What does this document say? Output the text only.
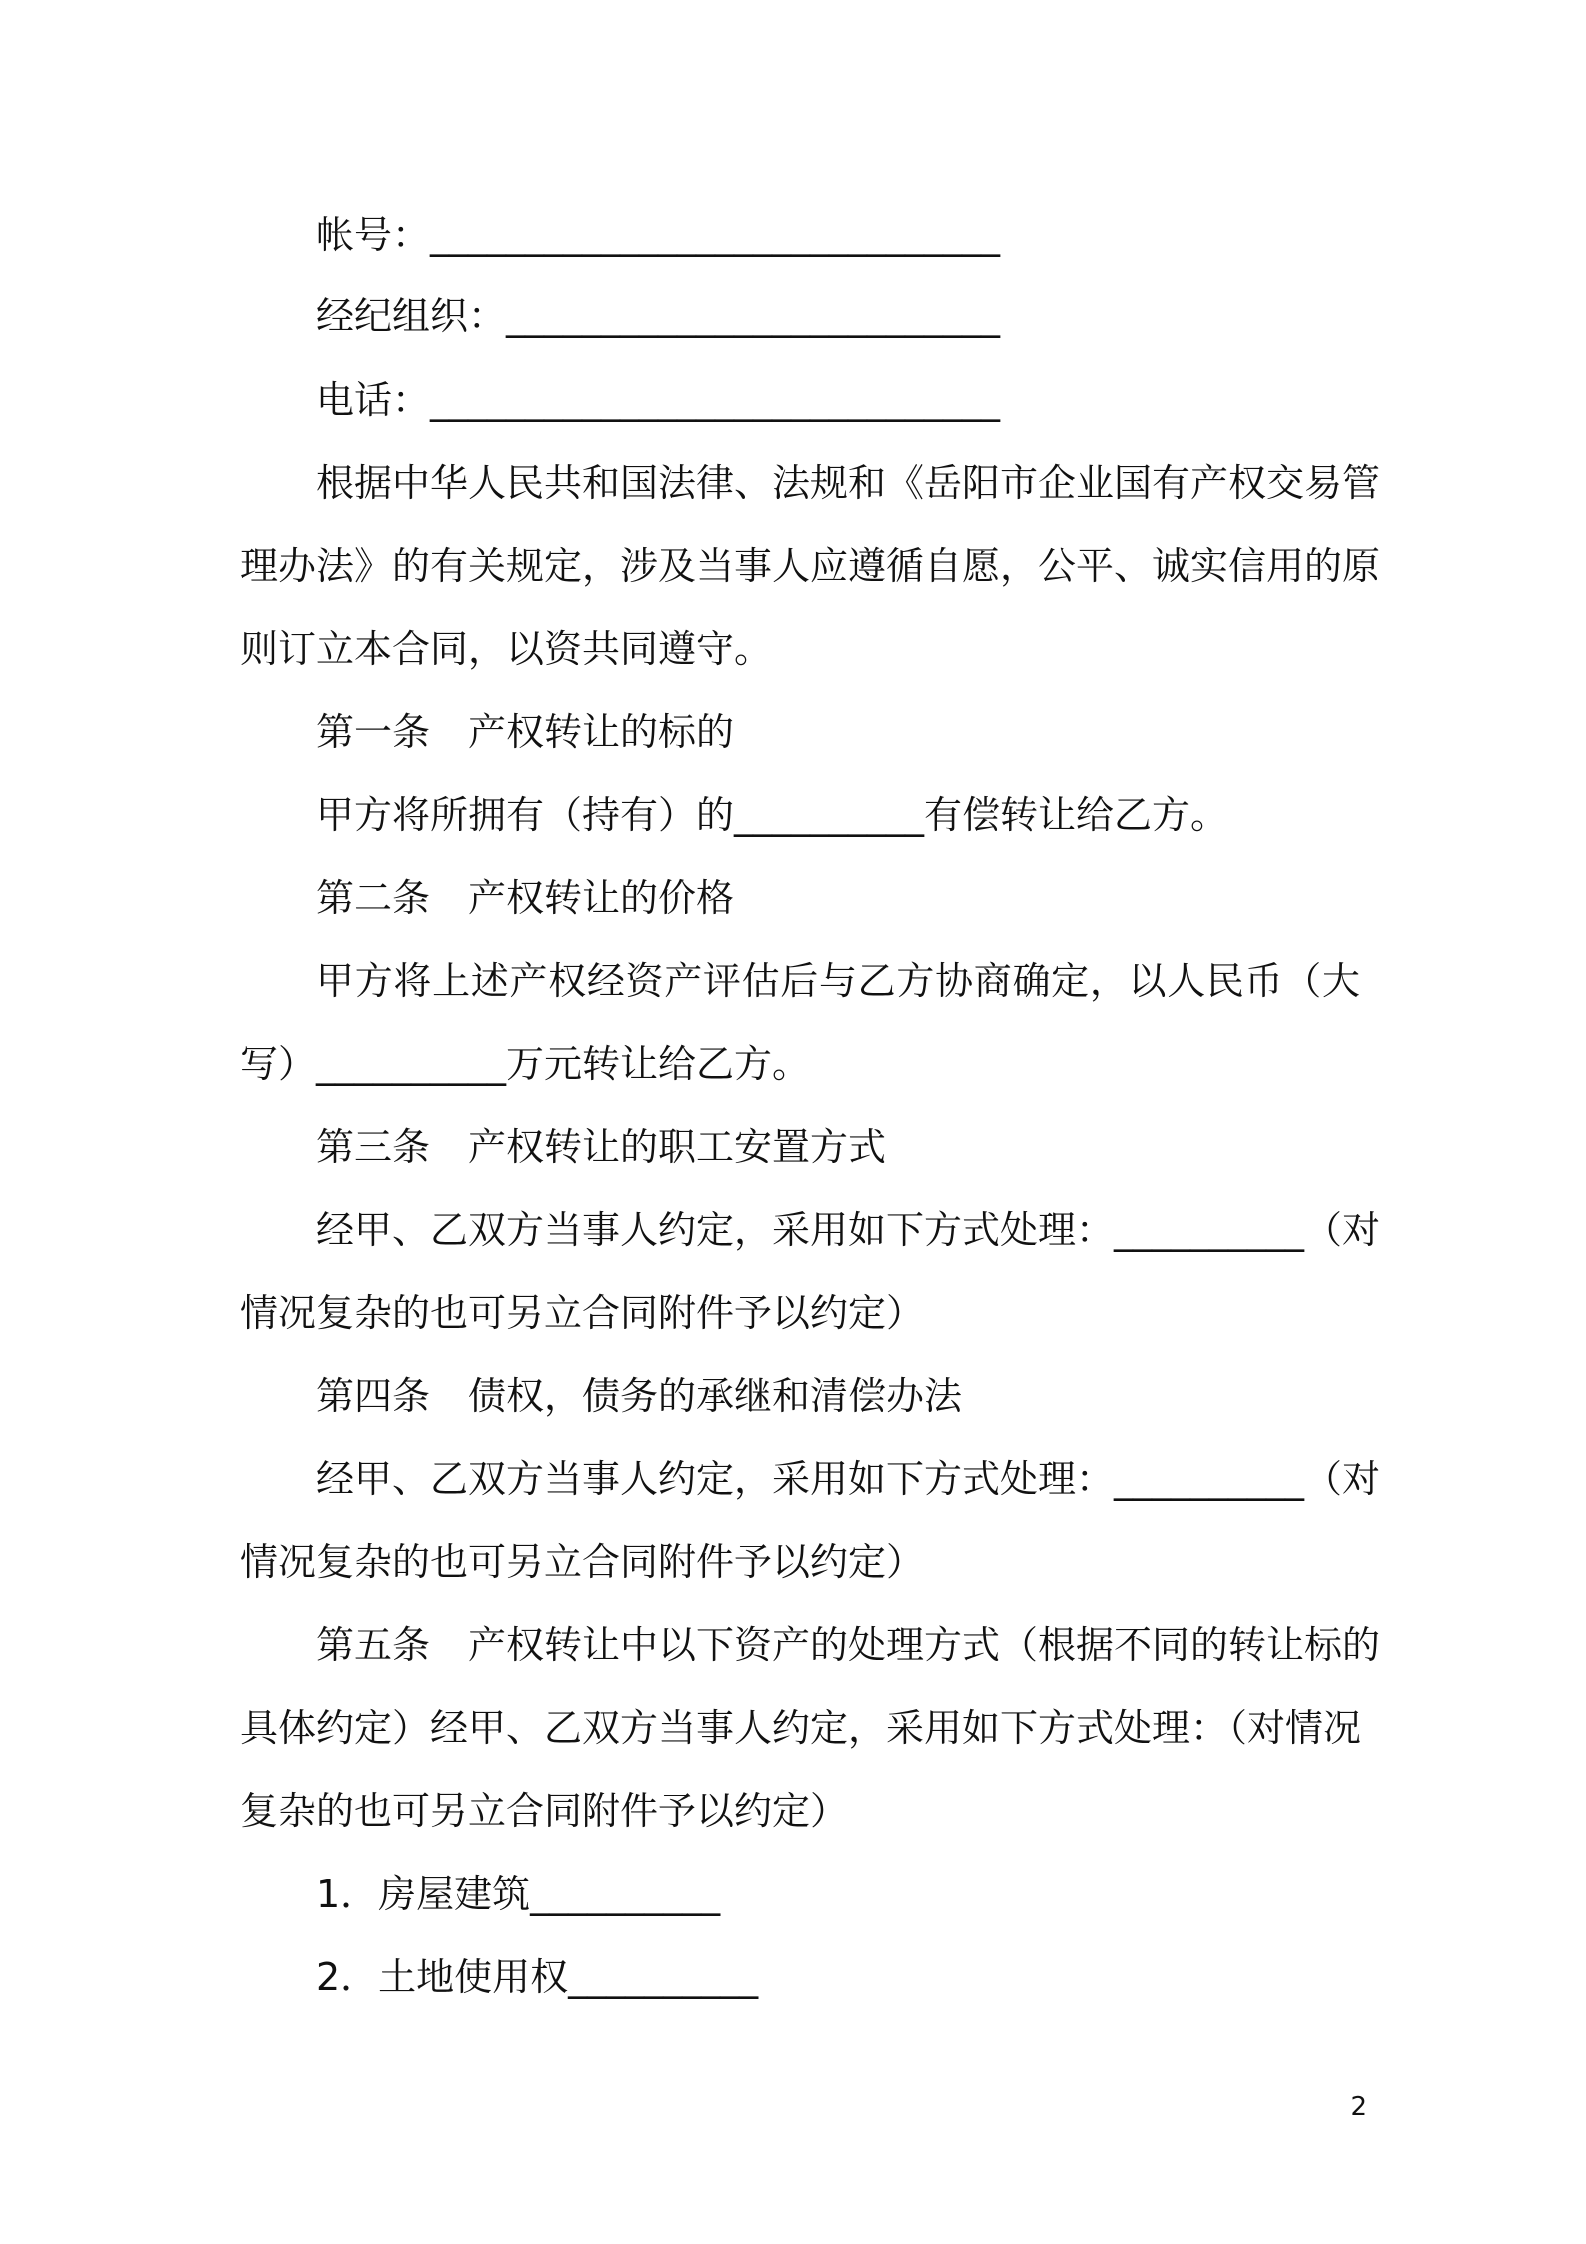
帐号：______________________________
经纪组织：__________________________
电话：______________________________
根据中华人民共和国法律、法规和《岳阳市企业国有产权交易管
理办法》的有关规定，涉及当事人应遵循自愿，公平、诚实信用的原
则订立本合同，以资共同遵守。
第一条 产权转让的标的
甲方将所拥有（持有）的__________有偿转让给乙方。
第二条 产权转让的价格
甲方将上述产权经资产评估后与乙方协商确定，以人民币（大
写）__________万元转让给乙方。
第三条 产权转让的职工安置方式
经甲、乙双方当事人约定，采用如下方式处理：__________（对
情况复杂的也可另立合同附件予以约定）
第四条 债权，债务的承继和清偿办法
经甲、乙双方当事人约定，采用如下方式处理：__________（对
情况复杂的也可另立合同附件予以约定）
第五条 产权转让中以下资产的处理方式（根据不同的转让标的
具体约定）经甲、乙双方当事人约定，采用如下方式处理：（对情况
复杂的也可另立合同附件予以约定）
1．房屋建筑__________
2．土地使用权__________
2
